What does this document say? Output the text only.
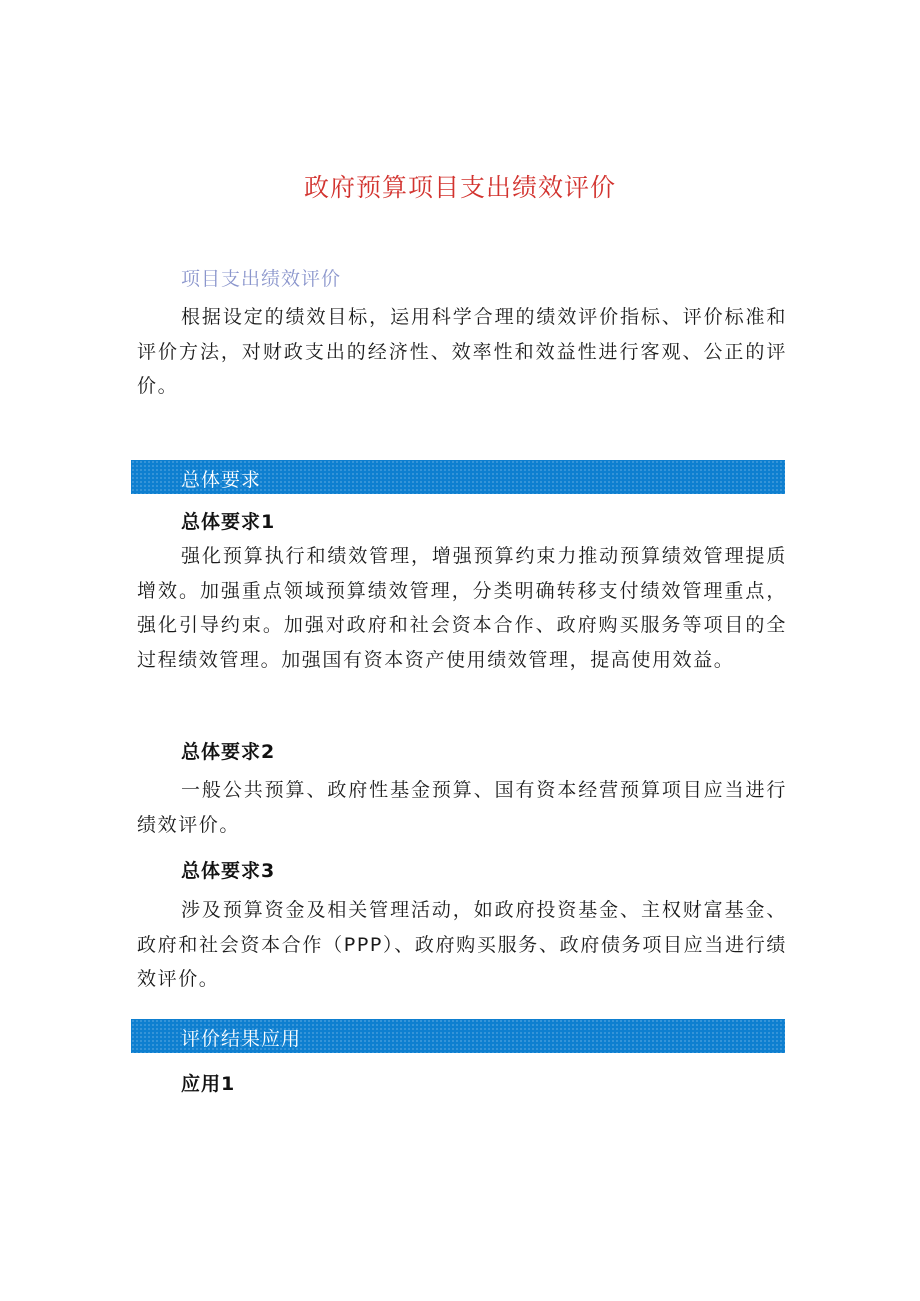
政府预算项目支出绩效评价
项目支出绩效评价

根据设定的绩效目标，运用科学合理的绩效评价指标、评价标准和评价方法，对财政支出的经济性、效率性和效益性进行客观、公正的评价。

总体要求
总体要求1

强化预算执行和绩效管理，增强预算约束力推动预算绩效管理提质增效。加强重点领域预算绩效管理，分类明确转移支付绩效管理重点，强化引导约束。加强对政府和社会资本合作、政府购买服务等项目的全过程绩效管理。加强国有资本资产使用绩效管理，提高使用效益。

总体要求2

一般公共预算、政府性基金预算、国有资本经营预算项目应当进行绩效评价。

总体要求3

涉及预算资金及相关管理活动，如政府投资基金、主权财富基金、政府和社会资本合作（PPP）、政府购买服务、政府债务项目应当进行绩效评价。

评价结果应用
应用1
